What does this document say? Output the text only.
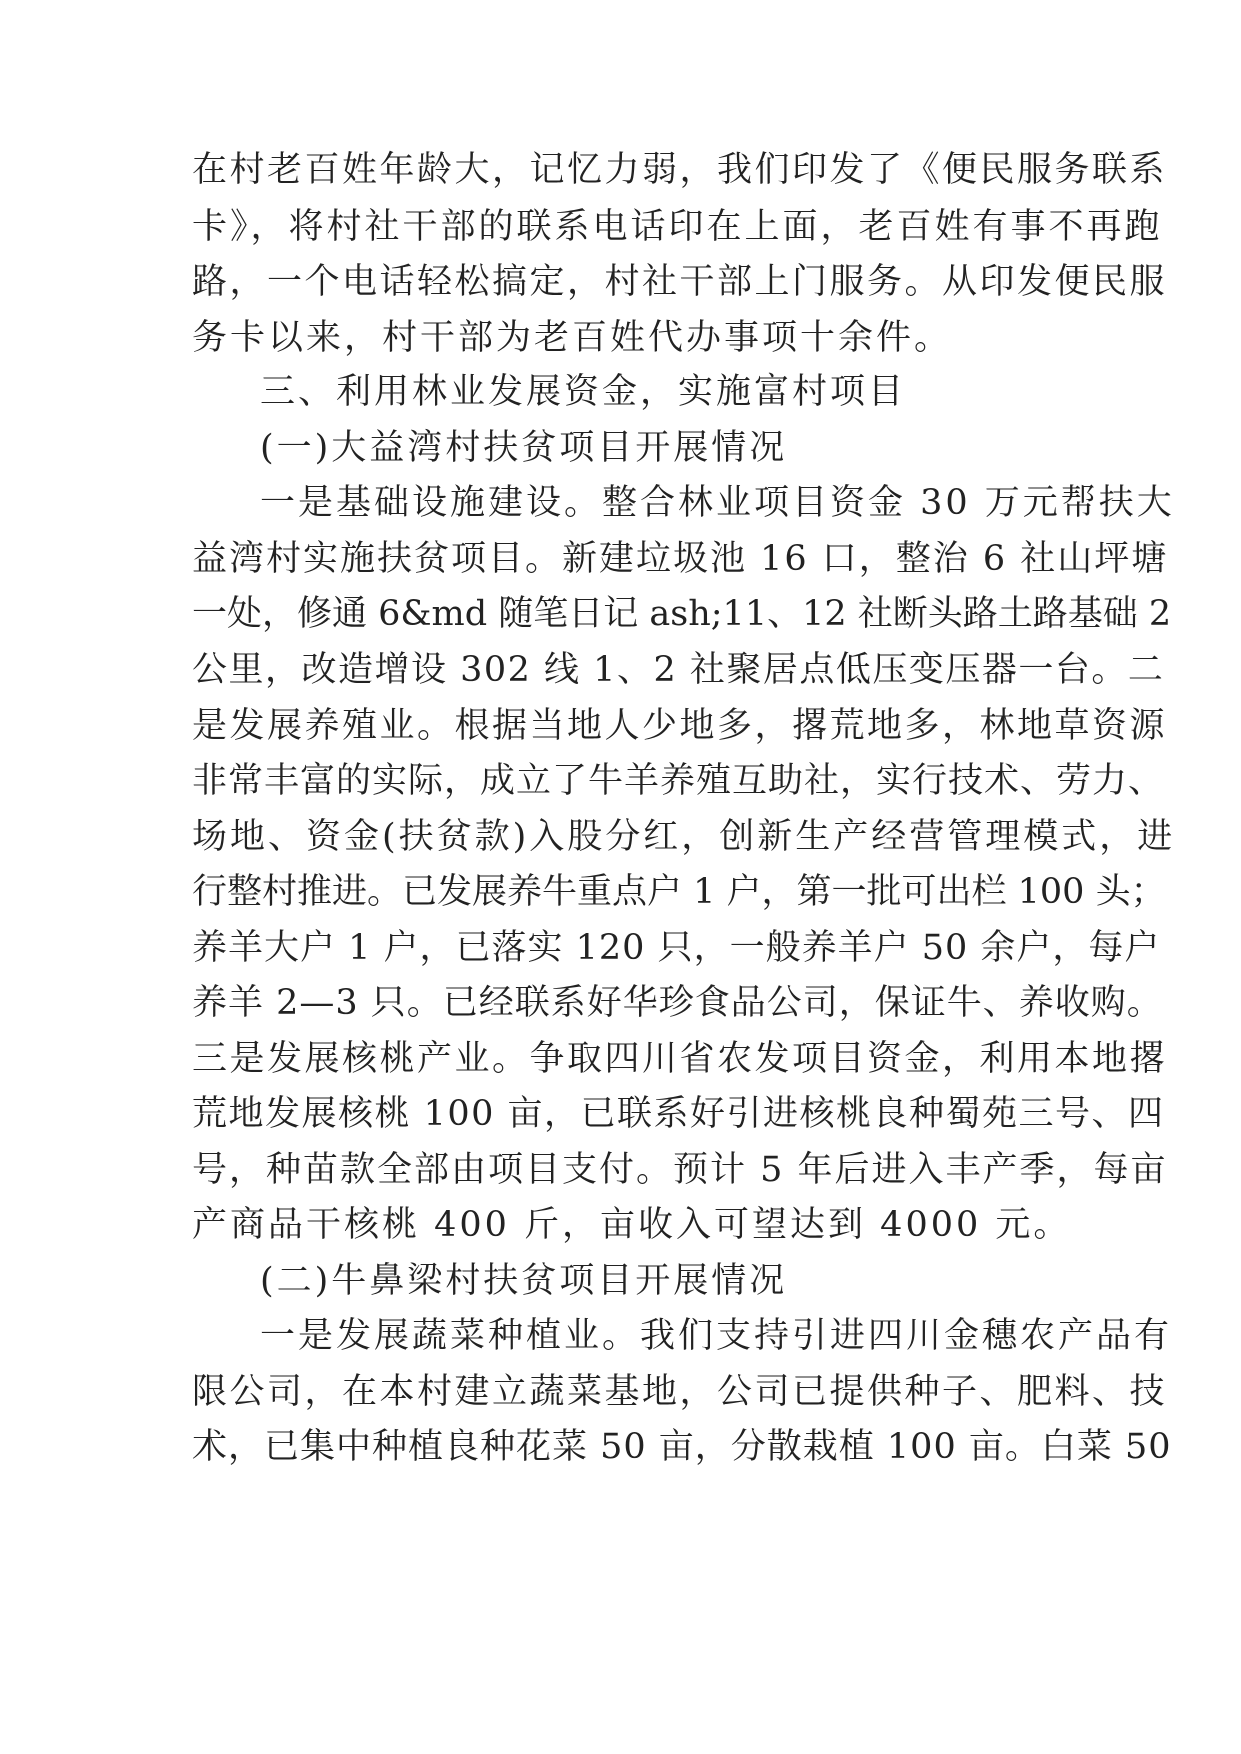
在村老百姓年龄大，记忆力弱，我们印发了《便民服务联系
卡》，将村社干部的联系电话印在上面，老百姓有事不再跑
路，一个电话轻松搞定，村社干部上门服务。从印发便民服
务卡以来，村干部为老百姓代办事项十余件。
三、利用林业发展资金，实施富村项目
(一)大益湾村扶贫项目开展情况
一是基础设施建设。整合林业项目资金 30 万元帮扶大
益湾村实施扶贫项目。新建垃圾池 16 口，整治 6 社山坪塘
一处，修通 6&md 随笔日记 ash;11、12 社断头路土路基础 2
公里，改造增设 302 线 1、2 社聚居点低压变压器一台。二
是发展养殖业。根据当地人少地多，撂荒地多，林地草资源
非常丰富的实际，成立了牛羊养殖互助社，实行技术、劳力、
场地、资金(扶贫款)入股分红，创新生产经营管理模式，进
行整村推进。已发展养牛重点户 1 户，第一批可出栏 100 头；
养羊大户 1 户，已落实 120 只，一般养羊户 50 余户，每户
养羊 2—3 只。已经联系好华珍食品公司，保证牛、养收购。
三是发展核桃产业。争取四川省农发项目资金，利用本地撂
荒地发展核桃 100 亩，已联系好引进核桃良种蜀苑三号、四
号，种苗款全部由项目支付。预计 5 年后进入丰产季，每亩
产商品干核桃 400 斤，亩收入可望达到 4000 元。
(二)牛鼻梁村扶贫项目开展情况
一是发展蔬菜种植业。我们支持引进四川金穗农产品有
限公司，在本村建立蔬菜基地，公司已提供种子、肥料、技
术，已集中种植良种花菜 50 亩，分散栽植 100 亩。白菜 50
